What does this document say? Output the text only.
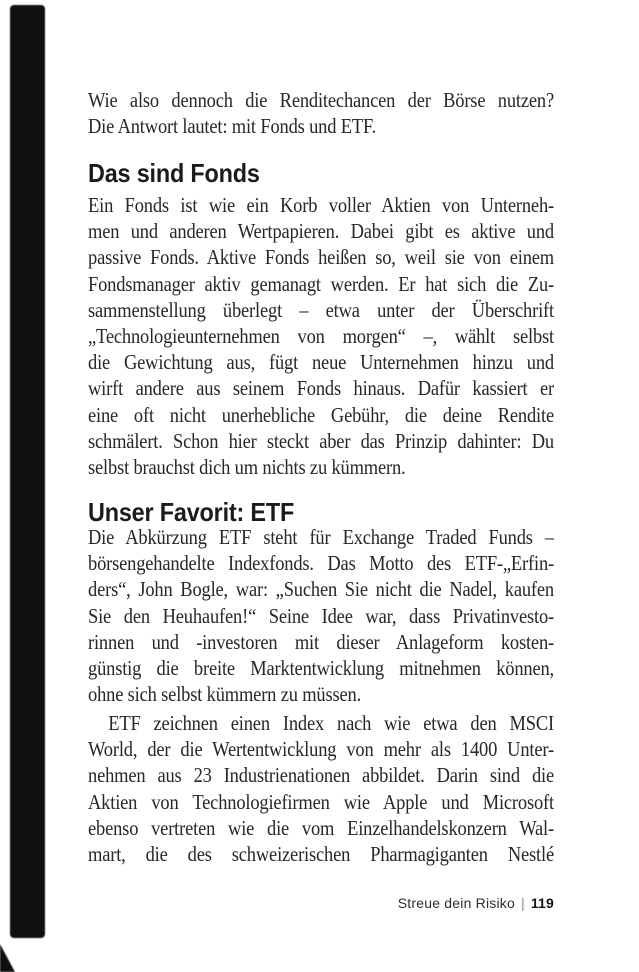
Wie also dennoch die Renditechancen der Börse nutzen?
Die Antwort lautet: mit Fonds und ETF.
Das sind Fonds
Ein Fonds ist wie ein Korb voller Aktien von Unterneh-
men und anderen Wertpapieren. Dabei gibt es aktive und
passive Fonds. Aktive Fonds heißen so, weil sie von einem
Fondsmanager aktiv gemanagt werden. Er hat sich die Zu-
sammenstellung überlegt – etwa unter der Überschrift
„Technologieunternehmen von morgen“ –, wählt selbst
die Gewichtung aus, fügt neue Unternehmen hinzu und
wirft andere aus seinem Fonds hinaus. Dafür kassiert er
eine oft nicht unerhebliche Gebühr, die deine Rendite
schmälert. Schon hier steckt aber das Prinzip dahinter: Du
selbst brauchst dich um nichts zu kümmern.
Unser Favorit: ETF
Die Abkürzung ETF steht für Exchange Traded Funds –
börsengehandelte Indexfonds. Das Motto des ETF-„Erfin-
ders“, John Bogle, war: „Suchen Sie nicht die Nadel, kaufen
Sie den Heuhaufen!“ Seine Idee war, dass Privatinvesto-
rinnen und -investoren mit dieser Anlageform kosten-
günstig die breite Marktentwicklung mitnehmen können,
ohne sich selbst kümmern zu müssen.
ETF zeichnen einen Index nach wie etwa den MSCI
World, der die Wertentwicklung von mehr als 1400 Unter-
nehmen aus 23 Industrienationen abbildet. Darin sind die
Aktien von Technologiefirmen wie Apple und Microsoft
ebenso vertreten wie die vom Einzelhandelskonzern Wal-
mart, die des schweizerischen Pharmagiganten Nestlé
Streue dein Risiko | 119
